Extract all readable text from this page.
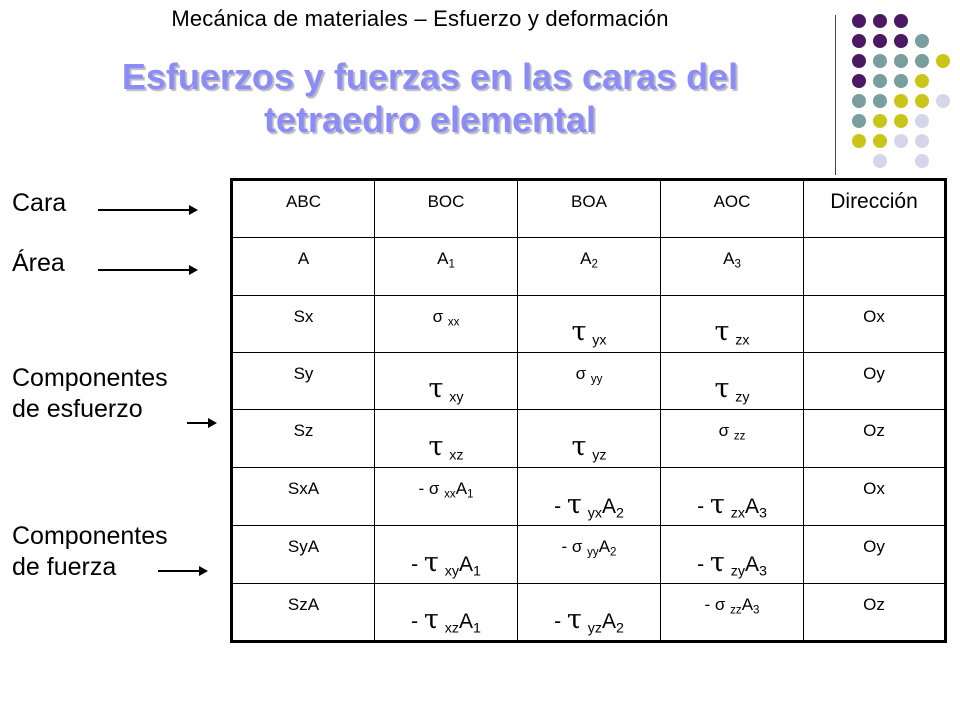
Mecánica de materiales – Esfuerzo y deformación
Esfuerzos y fuerzas en las caras del
tetraedro elemental
Cara
Área
Componentes
de esfuerzo
Componentes
de fuerza
ABC	BOC	BOA	AOC	Dirección
A	$A_1$	$A_2$	$A_3$	
Sx	σ $_{xx}$	τ $_{yx}$	τ $_{zx}$	Ox
Sy	τ $_{xy}$	σ $_{yy}$	τ $_{zy}$	Oy
Sz	τ $_{xz}$	τ $_{yz}$	σ $_{zz}$	Oz
SxA	- σ $_{xx}A_1$	- τ $_{yx}A_2$	- τ $_{zx}A_3$	Ox
SyA	- τ $_{xy}A_1$	- σ $_{yy}A_2$	- τ $_{zy}A_3$	Oy
SzA	- τ $_{xz}A_1$	- τ $_{yz}A_2$	- σ $_{zz}A_3$	Oz
